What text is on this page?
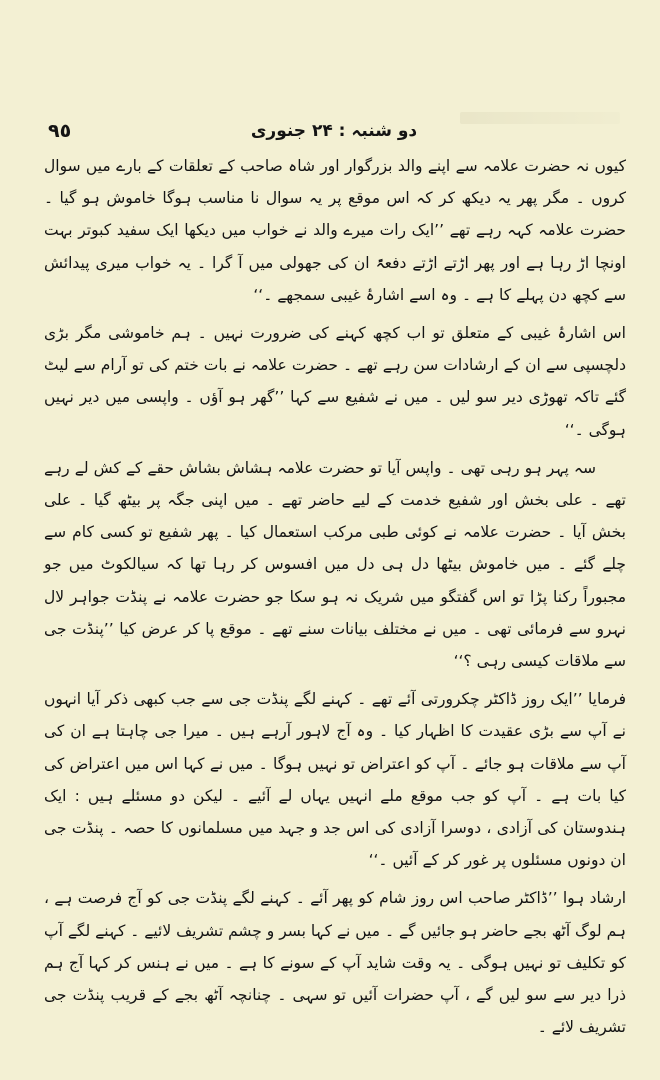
٩٥	دو شنبہ : ۲۴ جنوری

کیوں نہ حضرت علامہ سے اپنے والد بزرگوار اور شاہ صاحب کے تعلقات کے بارے میں سوال کروں ۔ مگر پھر یہ دیکھ کر کہ اس موقع پر یہ سوال نا مناسب ہوگا خاموش ہو گیا ۔ حضرت علامہ کہہ رہے تھے ’’ایک رات میرے والد نے خواب میں دیکھا ایک سفید کبوتر بہت اونچا اڑ رہا ہے اور پھر اڑتے اڑتے دفعۃً ان کی جھولی میں آ گرا ۔ یہ خواب میری پیدائش سے کچھ دن پہلے کا ہے ۔ وہ اسے اشارۂ غیبی سمجھے ۔‘‘

اس اشارۂ غیبی کے متعلق تو اب کچھ کہنے کی ضرورت نہیں ۔ ہم خاموشی مگر بڑی دلچسپی سے ان کے ارشادات سن رہے تھے ۔ حضرت علامہ نے بات ختم کی تو آرام سے لیٹ گئے تاکہ تھوڑی دیر سو لیں ۔ میں نے شفیع سے کہا ’’گھر ہو آؤں ۔ واپسی میں دیر نہیں ہوگی ۔‘‘

سہ پہر ہو رہی تھی ۔ واپس آیا تو حضرت علامہ ہشاش بشاش حقے کے کش لے رہے تھے ۔ علی بخش اور شفیع خدمت کے لیے حاضر تھے ۔ میں اپنی جگہ پر بیٹھ گیا ۔ علی بخش آیا ۔ حضرت علامہ نے کوئی طبی مرکب استعمال کیا ۔ پھر شفیع تو کسی کام سے چلے گئے ۔ میں خاموش بیٹھا دل ہی دل میں افسوس کر رہا تھا کہ سیالکوٹ میں جو مجبوراً رکنا پڑا تو اس گفتگو میں شریک نہ ہو سکا جو حضرت علامہ نے پنڈت جواہر لال نہرو سے فرمائی تھی ۔ میں نے مختلف بیانات سنے تھے ۔ موقع پا کر عرض کیا ’’پنڈت جی سے ملاقات کیسی رہی ؟‘‘

فرمایا ’’ایک روز ڈاکٹر چکرورتی آئے تھے ۔ کہنے لگے پنڈت جی سے جب کبھی ذکر آیا انہوں نے آپ سے بڑی عقیدت کا اظہار کیا ۔ وہ آج لاہور آرہے ہیں ۔ میرا جی چاہتا ہے ان کی آپ سے ملاقات ہو جائے ۔ آپ کو اعتراض تو نہیں ہوگا ۔ میں نے کہا اس میں اعتراض کی کیا بات ہے ۔ آپ کو جب موقع ملے انہیں یہاں لے آئیے ۔ لیکن دو مسئلے ہیں : ایک ہندوستان کی آزادی ، دوسرا آزادی کی اس جد و جہد میں مسلمانوں کا حصہ ۔ پنڈت جی ان دونوں مسئلوں پر غور کر کے آئیں ۔‘‘

ارشاد ہوا ’’ڈاکٹر صاحب اس روز شام کو پھر آئے ۔ کہنے لگے پنڈت جی کو آج فرصت ہے ، ہم لوگ آٹھ بجے حاضر ہو جائیں گے ۔ میں نے کہا بسر و چشم تشریف لائیے ۔ کہنے لگے آپ کو تکلیف تو نہیں ہوگی ۔ یہ وقت شاید آپ کے سونے کا ہے ۔ میں نے ہنس کر کہا آج ہم ذرا دیر سے سو لیں گے ، آپ حضرات آئیں تو سہی ۔ چنانچہ آٹھ بجے کے قریب پنڈت جی تشریف لائے ۔
